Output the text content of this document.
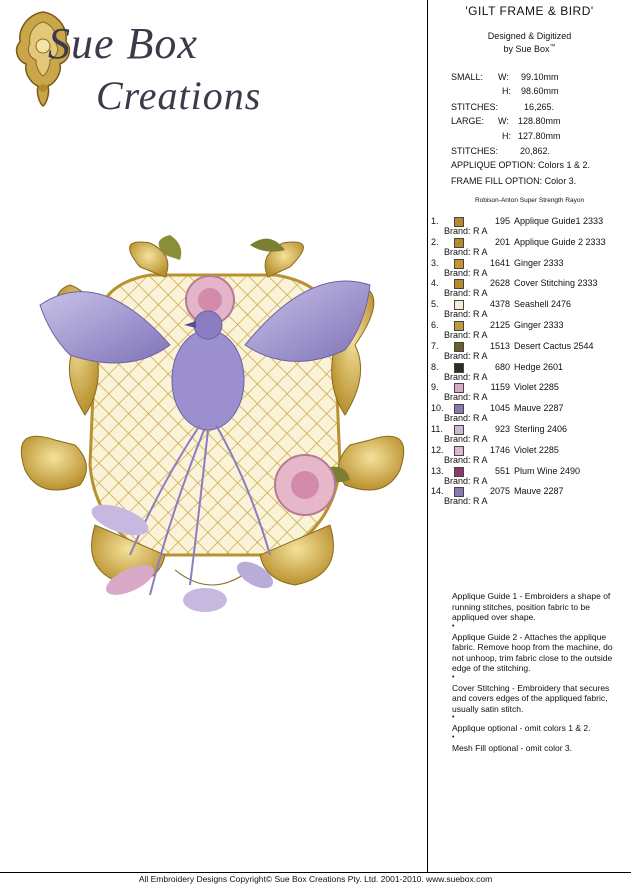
Sue Box
Creations
'GILT FRAME & BIRD'
Designed & Digitized
by Sue Box™
SMALL: W: 99.10mm
H: 98.60mm
STITCHES:	16,265.
LARGE: W: 128.80mm
H: 127.80mm
STITCHES: 20,862.
APPLIQUE OPTION: Colors 1 & 2.
FRAME FILL OPTION: Color 3.
Robison-Anton Super Strength Rayon
1.	195 Applique Guide1 2333
Brand: R A
2.	201 Applique Guide 2 2333
Brand: R A
3.	1641 Ginger 2333
Brand: R A
4.	2628 Cover Stitching 2333
Brand: R A
5.	4378 Seashell 2476
Brand: R A
6.	2125 Ginger 2333
Brand: R A
7.	1513 Desert Cactus 2544
Brand: R A
8.	680 Hedge 2601
Brand: R A
9.	1159 Violet 2285
Brand: R A
10.	1045 Mauve 2287
Brand: R A
11.	923 Sterling 2406
Brand: R A
12.	1746 Violet 2285
Brand: R A
13.	551 Plum Wine 2490
Brand: R A
14.	2075 Mauve 2287
Brand: R A
Applique Guide 1 - Embroiders a shape of running stitches, position fabric to be appliqued over shape.
•
Applique Guide 2 - Attaches the applique fabric. Remove hoop from the machine, do not unhoop, trim fabric close to the outside edge of the stitching.
•
Cover Stitching - Embroidery that secures and covers edges of the appliqued fabric, usually satin stitch.
•
Applique optional - omit colors 1 & 2.
•
Mesh Fill optional - omit color 3.
All Embroidery Designs Copyright© Sue Box Creations Pty. Ltd. 2001-2010. www.suebox.com
